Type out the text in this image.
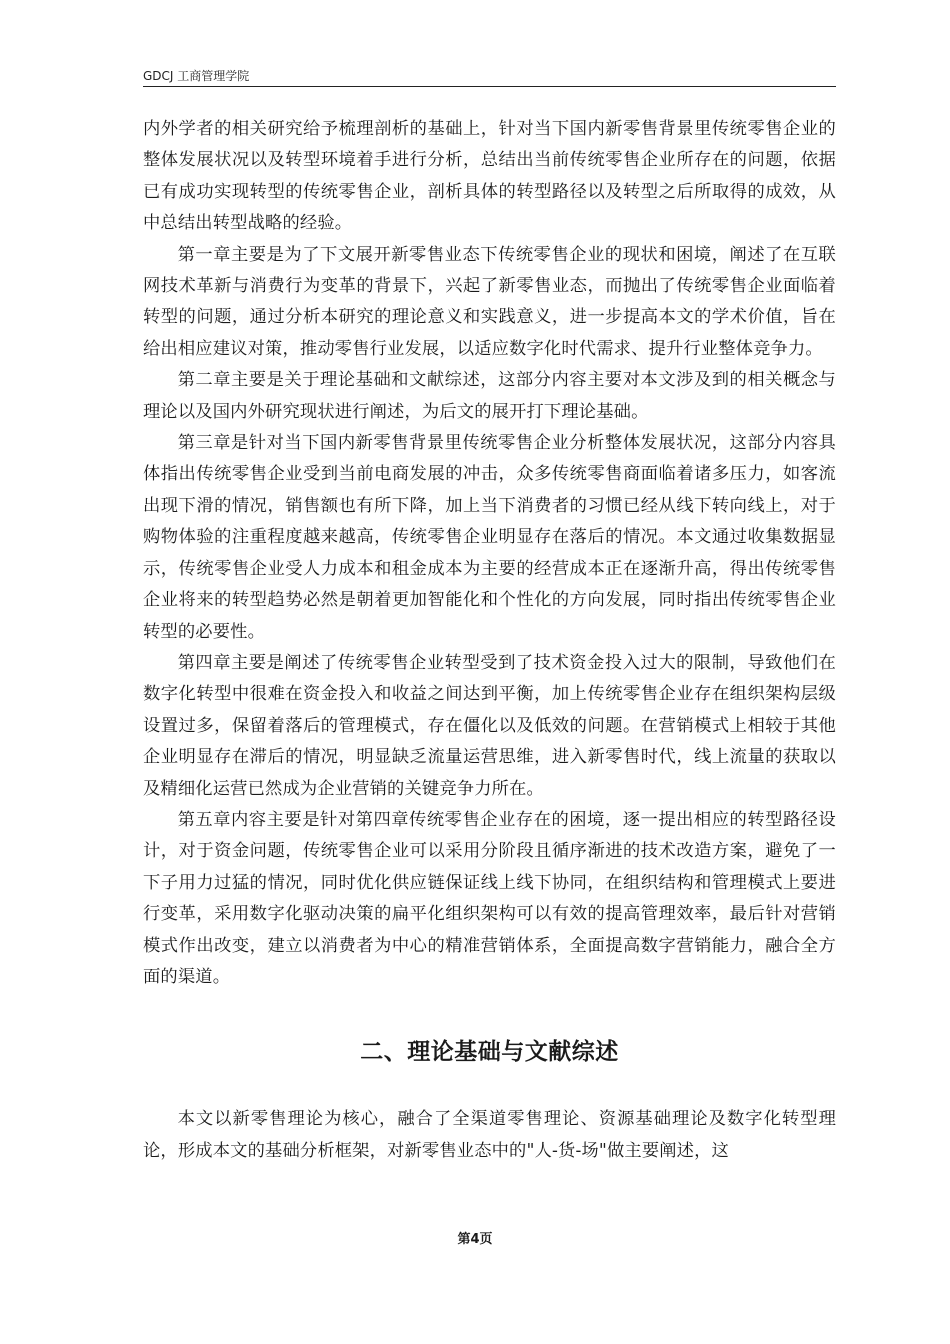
GDCJ 工商管理学院

内外学者的相关研究给予梳理剖析的基础上，针对当下国内新零售背景里传统零售企业的整体发展状况以及转型环境着手进行分析，总结出当前传统零售企业所存在的问题，依据已有成功实现转型的传统零售企业，剖析具体的转型路径以及转型之后所取得的成效，从中总结出转型战略的经验。

第一章主要是为了下文展开新零售业态下传统零售企业的现状和困境，阐述了在互联网技术革新与消费行为变革的背景下，兴起了新零售业态，而抛出了传统零售企业面临着转型的问题，通过分析本研究的理论意义和实践意义，进一步提高本文的学术价值，旨在给出相应建议对策，推动零售行业发展，以适应数字化时代需求、提升行业整体竞争力。

第二章主要是关于理论基础和文献综述，这部分内容主要对本文涉及到的相关概念与理论以及国内外研究现状进行阐述，为后文的展开打下理论基础。

第三章是针对当下国内新零售背景里传统零售企业分析整体发展状况，这部分内容具体指出传统零售企业受到当前电商发展的冲击，众多传统零售商面临着诸多压力，如客流出现下滑的情况，销售额也有所下降，加上当下消费者的习惯已经从线下转向线上，对于购物体验的注重程度越来越高，传统零售企业明显存在落后的情况。本文通过收集数据显示，传统零售企业受人力成本和租金成本为主要的经营成本正在逐渐升高，得出传统零售企业将来的转型趋势必然是朝着更加智能化和个性化的方向发展，同时指出传统零售企业转型的必要性。

第四章主要是阐述了传统零售企业转型受到了技术资金投入过大的限制，导致他们在数字化转型中很难在资金投入和收益之间达到平衡，加上传统零售企业存在组织架构层级设置过多，保留着落后的管理模式，存在僵化以及低效的问题。在营销模式上相较于其他企业明显存在滞后的情况，明显缺乏流量运营思维，进入新零售时代，线上流量的获取以及精细化运营已然成为企业营销的关键竞争力所在。

第五章内容主要是针对第四章传统零售企业存在的困境，逐一提出相应的转型路径设计，对于资金问题，传统零售企业可以采用分阶段且循序渐进的技术改造方案，避免了一下子用力过猛的情况，同时优化供应链保证线上线下协同，在组织结构和管理模式上要进行变革，采用数字化驱动决策的扁平化组织架构可以有效的提高管理效率，最后针对营销模式作出改变，建立以消费者为中心的精准营销体系，全面提高数字营销能力，融合全方面的渠道。

二、理论基础与文献综述

本文以新零售理论为核心，融合了全渠道零售理论、资源基础理论及数字化转型理论，形成本文的基础分析框架，对新零售业态中的"人-货-场"做主要阐述，这

第4页
